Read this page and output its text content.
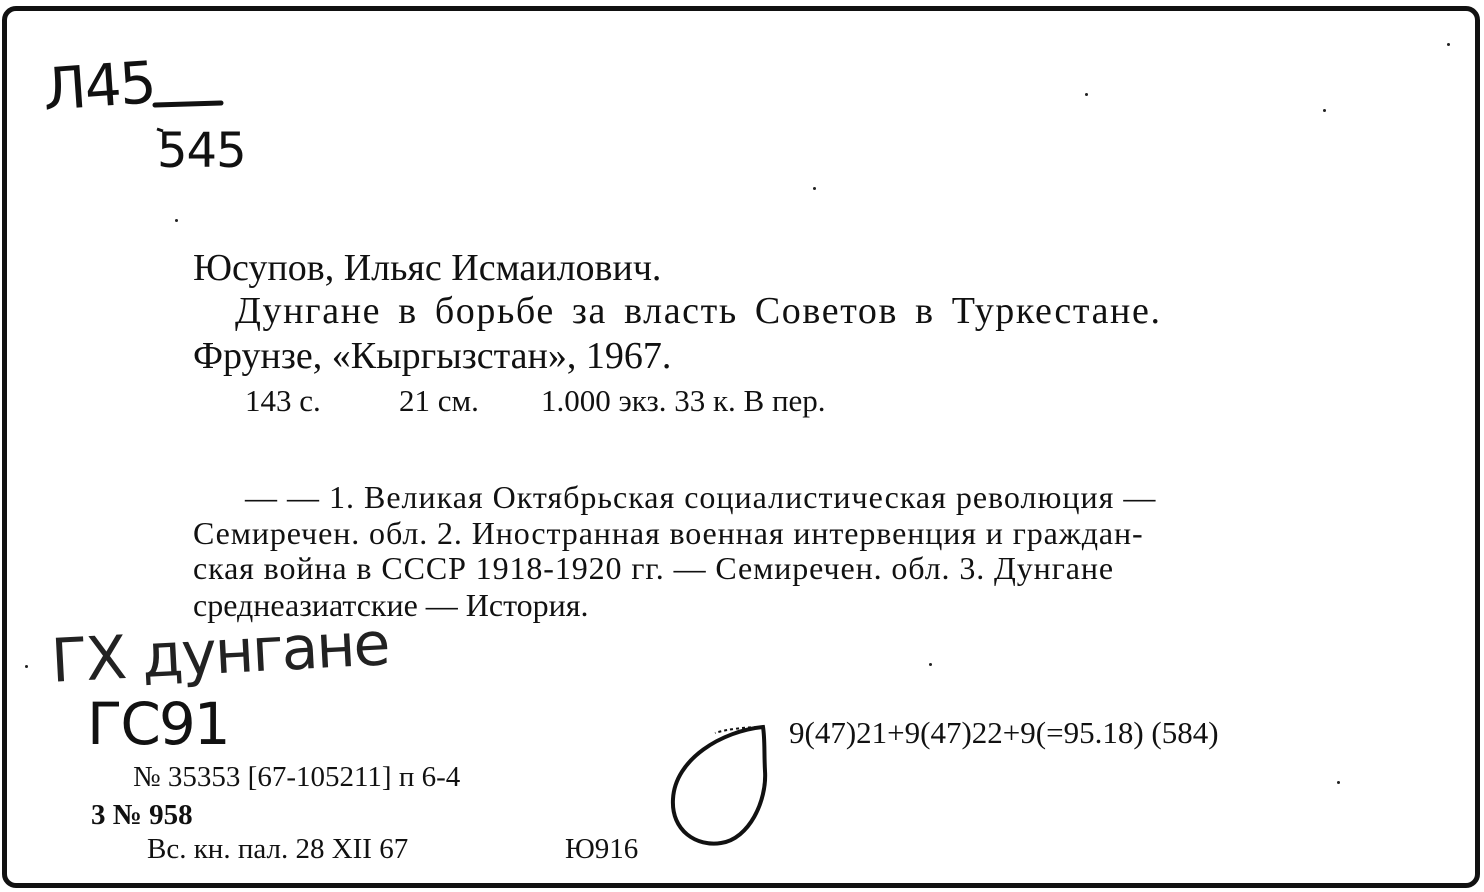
Л45
545
ГХ дунгане
ГС91
Юсупов, Ильяс Исмаилович.
Дунгане в борьбе за власть Советов в Туркестане.
Фрунзе, «Кыргызстан», 1967.
143 с.	21 см. 1.000 экз. 33 к. В пер.
— — 1. Великая Октябрьская социалистическая революция —
Семиречен. обл. 2. Иностранная военная интервенция и граждан-
ская война в СССР 1918-1920 гг. — Семиречен. обл. 3. Дунгане
среднеазиатские — История.
9(47)21+9(47)22+9(=95.18) (584)
№ 35353 [67-105211] п 6-4
3 № 958
Вс. кн. пал. 28 XII 67	Ю916
